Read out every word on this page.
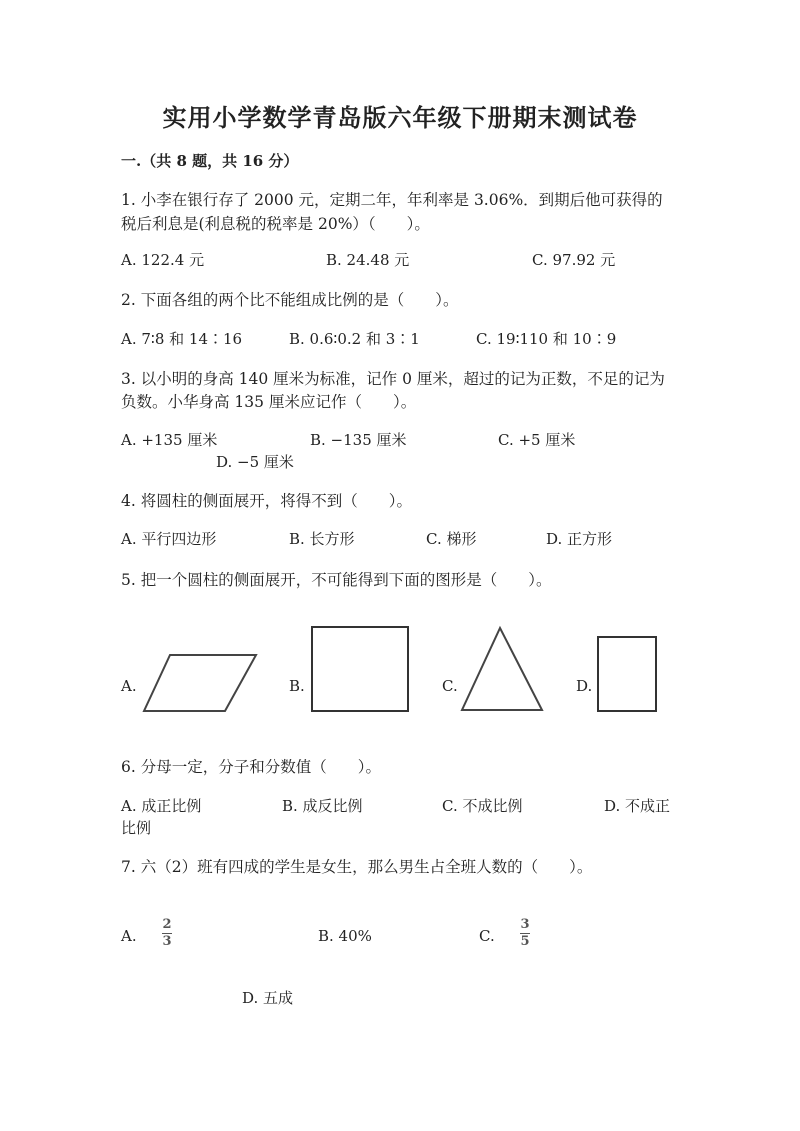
实用小学数学青岛版六年级下册期末测试卷
一.（共 8 题，共 16 分）
1. 小李在银行存了 2000 元，定期二年，年利率是 3.06%．到期后他可获得的
税后利息是(利息税的税率是 20%）（　　）。
A. 122.4 元	B. 24.48 元	C. 97.92 元
2. 下面各组的两个比不能组成比例的是（　　）。
A. 7∶8 和 14∶16	B. 0.6∶0.2 和 3∶1	C. 19∶110 和 10∶9
3. 以小明的身高 140 厘米为标准，记作 0 厘米，超过的记为正数，不足的记为
负数。小华身高 135 厘米应记作（　　）。
A. +135 厘米	B. −135 厘米	C. +5 厘米
D. −5 厘米
4. 将圆柱的侧面展开，将得不到（　　）。
A. 平行四边形	B. 长方形	C. 梯形	D. 正方形
5. 把一个圆柱的侧面展开，不可能得到下面的图形是（　　）。
A.	B.	C.	D.
6. 分母一定，分子和分数值（　　）。
A. 成正比例	B. 成反比例	C. 不成比例	D. 不成正
比例
7. 六（2）班有四成的学生是女生，那么男生占全班人数的（　　）。
A.
2
3	B. 40%	C.
3
5
D. 五成
